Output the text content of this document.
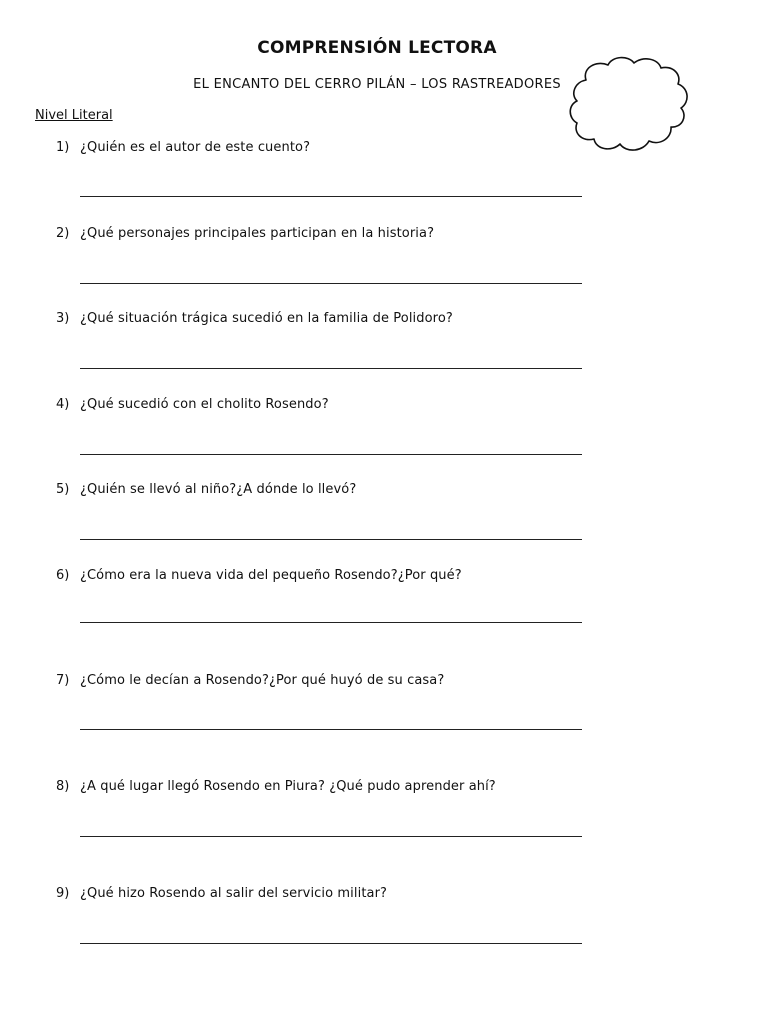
COMPRENSIÓN LECTORA
EL ENCANTO DEL CERRO PILÁN – LOS RASTREADORES
Nivel Literal
1) ¿Quién es el autor de este cuento?
2) ¿Qué personajes principales participan en la historia?
3) ¿Qué situación trágica sucedió en la familia de Polidoro?
4) ¿Qué sucedió con el cholito Rosendo?
5) ¿Quién se llevó al niño?¿A dónde lo llevó?
6) ¿Cómo era la nueva vida del pequeño Rosendo?¿Por qué?
7) ¿Cómo le decían a Rosendo?¿Por qué huyó de su casa?
8) ¿A qué lugar llegó Rosendo en Piura? ¿Qué pudo aprender ahí?
9) ¿Qué hizo Rosendo al salir del servicio militar?
